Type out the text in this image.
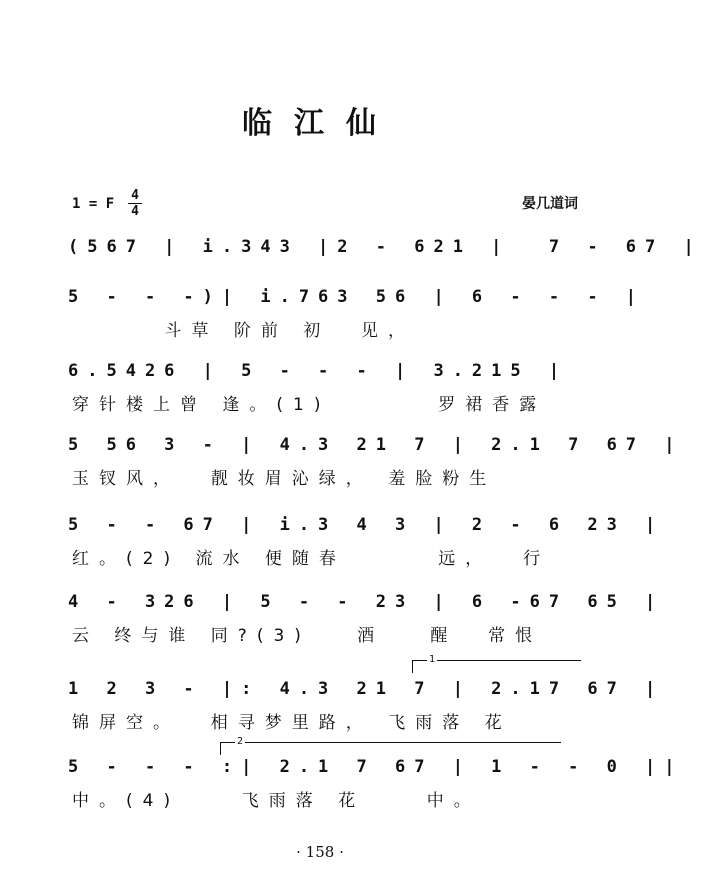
临江仙
1 = F
4
4	晏几道词
(567 | i.343 |2 - 621 |  7 - 67 |
5 - - -)| i.763 56 | 6 - - - |
斗草 阶前 初  见，
6.5426 | 5 - - - | 3.215 |
穿针楼上曾 逢。(1)       罗裙香露
5 56 3 - | 4.3 21 7 | 2.1 7 67 |
玉钗风，  靓妆眉沁绿， 羞脸粉生
5 - - 67 | i.3 4 3 | 2 - 6 23 |
红。(2) 流水 便随春      远，  行
4 - 326 | 5 - - 23 | 6 -67 65 |
云 终与谁 同?(3)   酒   醒  常恨
1
1 2 3 - |: 4.3 21 7 | 2.17 67 |
锦屏空。  相寻梦里路， 飞雨落 花
2
5 - - - :| 2.1 7 67 | 1 - - 0 ||
中。(4)    飞雨落 花    中。
· 158 ·
